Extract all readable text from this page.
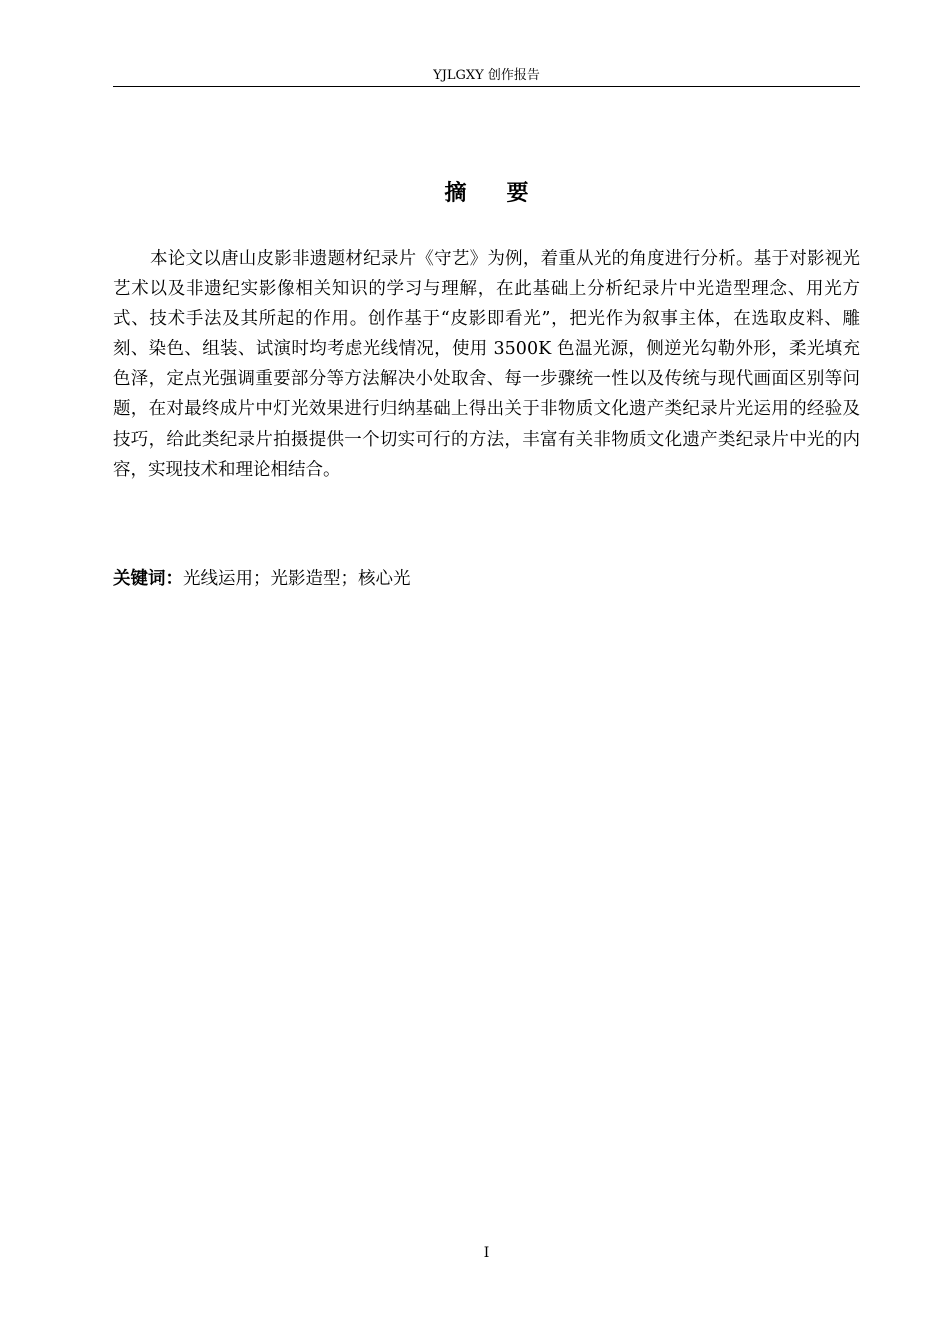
YJLGXY 创作报告
摘要

本论文以唐山皮影非遗题材纪录片《守艺》为例，着重从光的角度进行分析。基于对影视光艺术以及非遗纪实影像相关知识的学习与理解，在此基础上分析纪录片中光造型理念、用光方式、技术手法及其所起的作用。创作基于“皮影即看光”，把光作为叙事主体，在选取皮料、雕刻、染色、组装、试演时均考虑光线情况，使用 3500K 色温光源，侧逆光勾勒外形，柔光填充色泽，定点光强调重要部分等方法解决小处取舍、每一步骤统一性以及传统与现代画面区别等问题，在对最终成片中灯光效果进行归纳基础上得出关于非物质文化遗产类纪录片光运用的经验及技巧，给此类纪录片拍摄提供一个切实可行的方法，丰富有关非物质文化遗产类纪录片中光的内容，实现技术和理论相结合。

关键词：光线运用；光影造型；核心光

I
